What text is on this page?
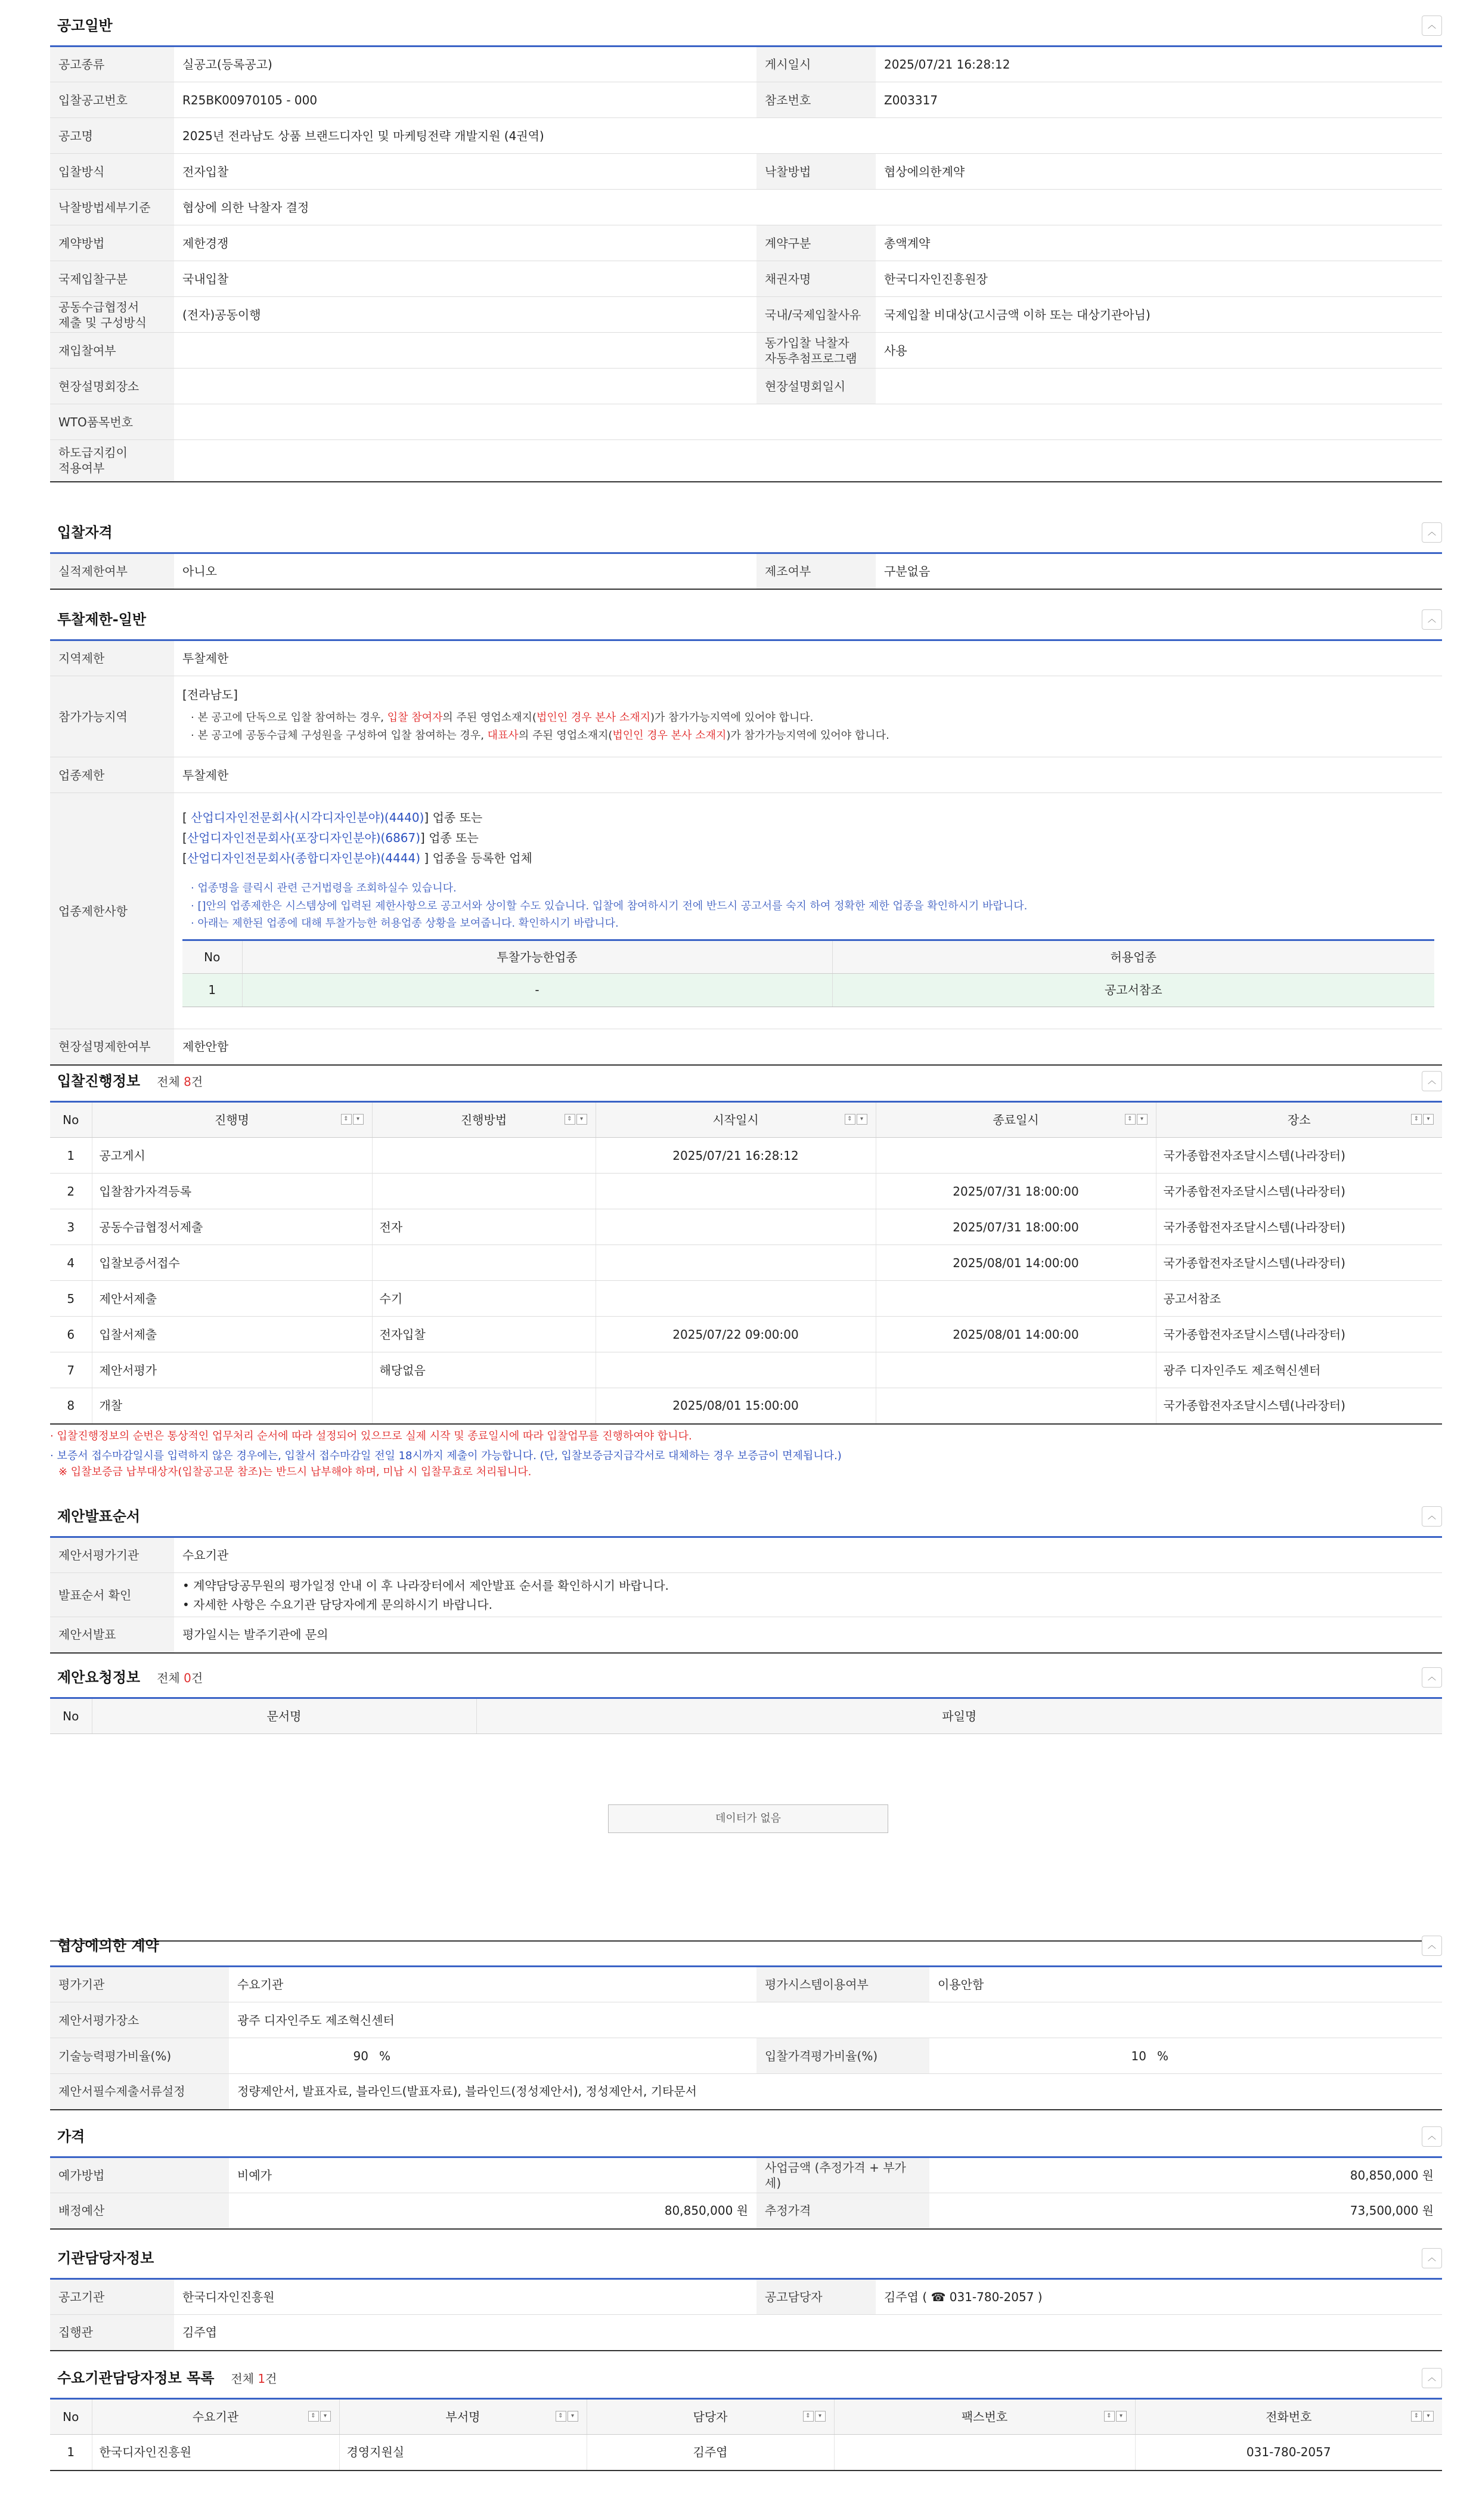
공고일반	︿
공고종류	실공고(등록공고)	게시일시	2025/07/21 16:28:12
입찰공고번호	R25BK00970105 - 000	참조번호	Z003317
공고명	2025년 전라남도 상품 브랜드디자인 및 마케팅전략 개발지원 (4권역)		
입찰방식	전자입찰	낙찰방법	협상에의한계약
낙찰방법세부기준	협상에 의한 낙찰자 결정		
계약방법	제한경쟁	계약구분	총액계약
국제입찰구분	국내입찰	채권자명	한국디자인진흥원장

공동수급협정서
제출 및 구성방식	(전자)공동이행	국내/국제입찰사유	국제입찰 비대상(고시금액 이하 또는 대상기관아님)
재입찰여부		동가입찰 낙찰자
자동추첨프로그램	사용
현장설명회장소		현장설명회일시	
WTO품목번호			

하도급지킴이
적용여부			

입찰자격	︿
실적제한여부	아니오	제조여부	구분없음
투찰제한-일반	︿
지역제한	투찰제한
참가가능지역	
[전라남도]
· 본 공고에 단독으로 입찰 참여하는 경우, 입찰 참여자의 주된 영업소재지(법인인 경우 본사 소재지)가 참가가능지역에 있어야 합니다.
· 본 공고에 공동수급체 구성원을 구성하여 입찰 참여하는 경우, 대표사의 주된 영업소재지(법인인 경우 본사 소재지)가 참가가능지역에 있어야 합니다.

업종제한	투찰제한
업종제한사항	
[ 산업디자인전문회사(시각디자인분야)(4440)] 업종 또는
[산업디자인전문회사(포장디자인분야)(6867)] 업종 또는
[산업디자인전문회사(종합디자인분야)(4444) ] 업종을 등록한 업체
· 업종명을 클릭시 관련 근거법령을 조회하실수 있습니다.
· []안의 업종제한은 시스템상에 입력된 제한사항으로 공고서와 상이할 수도 있습니다. 입찰에 참여하시기 전에 반드시 공고서를 숙지 하여 정확한 제한 업종을 확인하시기 바랍니다.
· 아래는 제한된 업종에 대해 투찰가능한 허용업종 상황을 보여줍니다. 확인하시기 바랍니다.
No	투찰가능한업종	허용업종
1	-	공고서참조

현장설명제한여부	제한안함
입찰진행정보 전체 8건	︿
No	진행명 ⇕ ▾	진행방법 ⇕ ▾	시작일시 ⇕ ▾	종료일시 ⇕ ▾	장소 ⇕ ▾

1	공고게시		2025/07/21 16:28:12		국가종합전자조달시스템(나라장터)
2	입찰참가자격등록			2025/07/31 18:00:00	국가종합전자조달시스템(나라장터)
3	공동수급협정서제출	전자		2025/07/31 18:00:00	국가종합전자조달시스템(나라장터)
4	입찰보증서접수			2025/08/01 14:00:00	국가종합전자조달시스템(나라장터)
5	제안서제출	수기			공고서참조
6	입찰서제출	전자입찰	2025/07/22 09:00:00	2025/08/01 14:00:00	국가종합전자조달시스템(나라장터)
7	제안서평가	해당없음			광주 디자인주도 제조혁신센터
8	개찰		2025/08/01 15:00:00		국가종합전자조달시스템(나라장터)
· 입찰진행정보의 순번은 통상적인 업무처리 순서에 따라 설정되어 있으므로 실제 시작 및 종료일시에 따라 입찰업무를 진행하여야 합니다.
· 보증서 접수마감일시를 입력하지 않은 경우에는, 입찰서 접수마감일 전일 18시까지 제출이 가능합니다. (단, 입찰보증금지급각서로 대체하는 경우 보증금이 면제됩니다.)
※ 입찰보증금 납부대상자(입찰공고문 참조)는 반드시 납부해야 하며, 미납 시 입찰무효로 처리됩니다.
제안발표순서	︿
제안서평가기관	수요기관
발표순서 확인	• 계약담당공무원의 평가일정 안내 이 후 나라장터에서 제안발표 순서를 확인하시기 바랍니다.
• 자세한 사항은 수요기관 담당자에게 문의하시기 바랍니다.

제안서발표	평가일시는 발주기관에 문의
제안요청정보 전체 0건	︿
No	문서명	파일명
데이터가 없음
협상에의한 계약	︿
평가기관	수요기관	평가시스템이용여부	이용안함
제안서평가장소	광주 디자인주도 제조혁신센터		
기술능력평가비율(%)	90 %	입찰가격평가비율(%)	10 %
제안서필수제출서류설정	정량제안서, 발표자료, 블라인드(발표자료), 블라인드(정성제안서), 정성제안서, 기타문서		
가격	︿
예가방법	비예가	사업금액 (추정가격 + 부가세)	80,850,000 원
배정예산	80,850,000 원	추정가격	73,500,000 원
기관담당자정보	︿
공고기관	한국디자인진흥원	공고담당자	김주엽 ( ☎ 031-780-2057 )
집행관	김주엽		
수요기관담당자정보 목록 전체 1건	︿
No	수요기관 ⇕ ▾	부서명 ⇕ ▾	담당자 ⇕ ▾	팩스번호 ⇕ ▾	전화번호 ⇕ ▾

1	한국디자인진흥원	경영지원실	김주엽		031-780-2057
